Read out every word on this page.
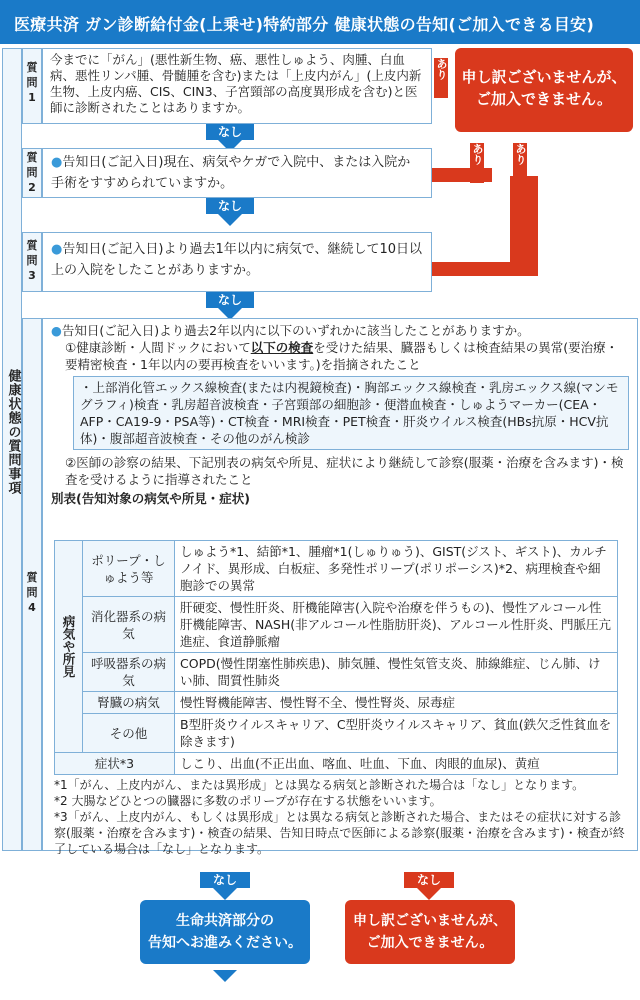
医療共済 ガン診断給付金(上乗せ)特約部分 健康状態の告知(ご加入できる目安)
健康状態の質問事項
質
問
1
今までに「がん」(悪性新生物、癌、悪性しゅよう、肉腫、白血病、悪性リンパ腫、骨髄腫を含む)または「上皮内がん」(上皮内新生物、上皮内癌、CIS、CIN3、子宮頸部の高度異形成を含む)と医師に診断されたことはありますか。
申し訳ございませんが、
ご加入できません。
あり
なし
質
問
2
●告知日(ご記入日)現在、病気やケガで入院中、または入院か手術をすすめられていますか。
あり	あり
なし
質
問
3
●告知日(ご記入日)より過去1年以内に病気で、継続して10日以上の入院をしたことがありますか。
なし
質
問
4
●告知日(ご記入日)より過去2年以内に以下のいずれかに該当したことがありますか。
①健康診断・人間ドックにおいて以下の検査を受けた結果、臓器もしくは検査結果の異常(要治療・要精密検査・1年以内の要再検査をいいます。)を指摘されたこと
・上部消化管エックス線検査(または内視鏡検査)・胸部エックス線検査・乳房エックス線(マンモグラフィ)検査・乳房超音波検査・子宮頸部の細胞診・便潜血検査・しゅようマーカー(CEA・AFP・CA19-9・PSA等)・CT検査・MRI検査・PET検査・肝炎ウイルス検査(HBs抗原・HCV抗体)・腹部超音波検査・その他のがん検診
②医師の診察の結果、下記別表の病気や所見、症状により継続して診察(服薬・治療を含みます)・検査を受けるように指導されたこと
別表(告知対象の病気や所見・症状)
病気や所見	ポリープ・しゅよう等	しゅよう*1、結節*1、腫瘤*1(しゅりゅう)、GIST(ジスト、ギスト)、カルチノイド、異形成、白板症、多発性ポリープ(ポリポーシス)*2、病理検査や細胞診での異常
	消化器系の病気	肝硬変、慢性肝炎、肝機能障害(入院や治療を伴うもの)、慢性アルコール性肝機能障害、NASH(非アルコール性脂肪肝炎)、アルコール性肝炎、門脈圧亢進症、食道静脈瘤
	呼吸器系の病気	COPD(慢性閉塞性肺疾患)、肺気腫、慢性気管支炎、肺線維症、じん肺、けい肺、間質性肺炎
	腎臓の病気	慢性腎機能障害、慢性腎不全、慢性腎炎、尿毒症
	その他	B型肝炎ウイルスキャリア、C型肝炎ウイルスキャリア、貧血(鉄欠乏性貧血を除きます)
症状*3		しこり、出血(不正出血、喀血、吐血、下血、肉眼的血尿)、黄疸
*1「がん、上皮内がん、または異形成」とは異なる病気と診断された場合は「なし」となります。
*2 大腸などひとつの臓器に多数のポリープが存在する状態をいいます。
*3「がん、上皮内がん、もしくは異形成」とは異なる病気と診断された場合、またはその症状に対する診察(服薬・治療を含みます)・検査の結果、告知日時点で医師による診察(服薬・治療を含みます)・検査が終了している場合は「なし」となります。
なし	なし
生命共済部分の
告知へお進みください。
申し訳ございませんが、
ご加入できません。
